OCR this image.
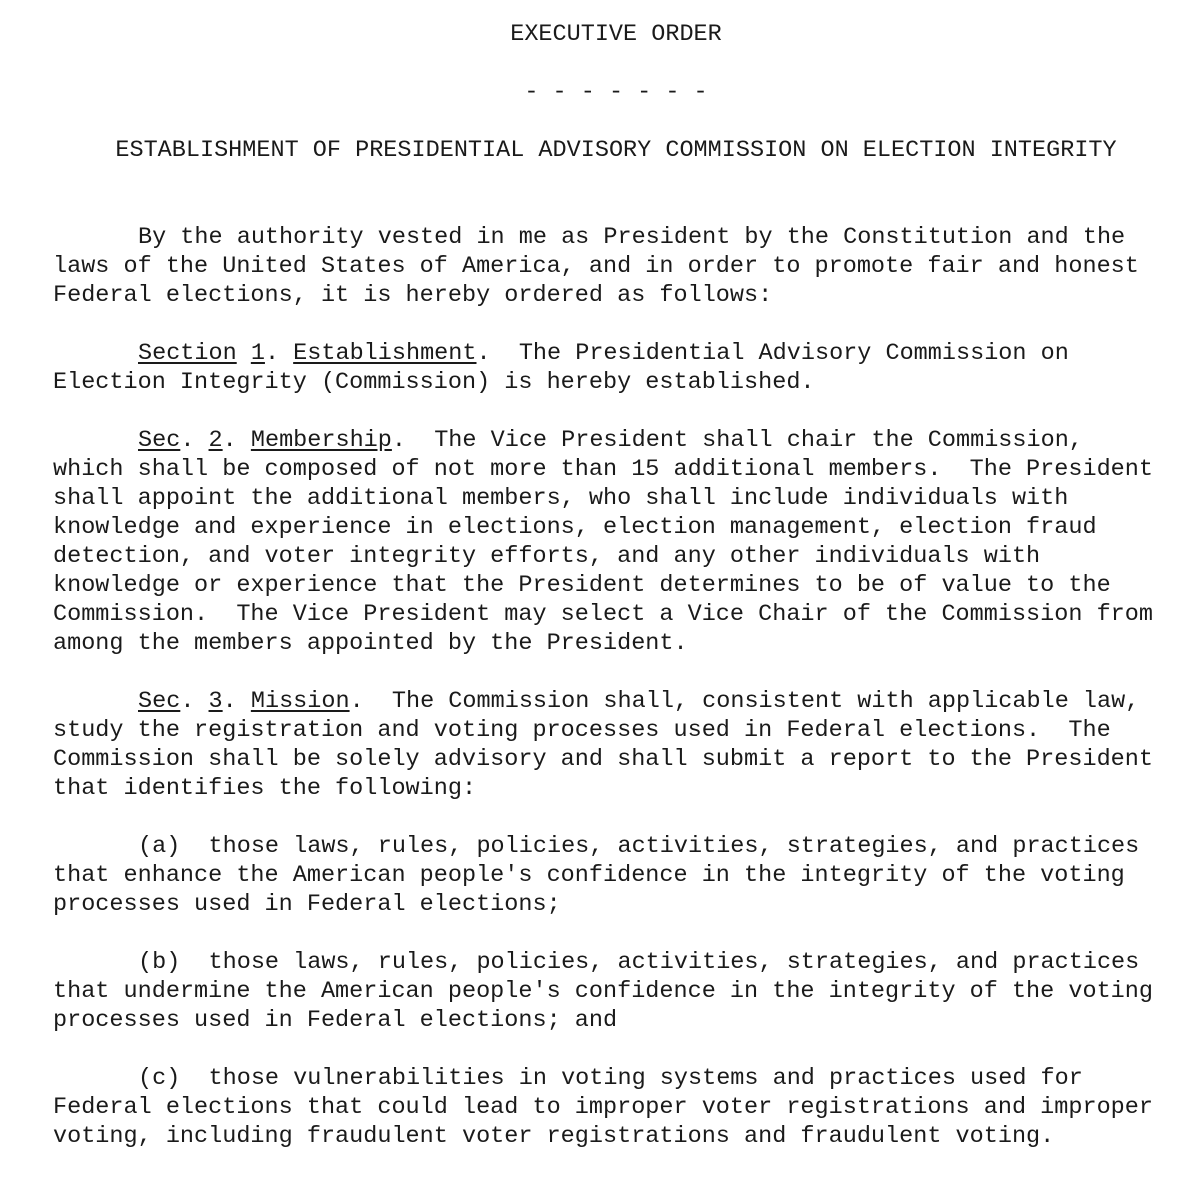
EXECUTIVE ORDER
- - - - - - -
ESTABLISHMENT OF PRESIDENTIAL ADVISORY COMMISSION ON ELECTION INTEGRITY
By the authority vested in me as President by the Constitution and the
laws of the United States of America, and in order to promote fair and honest
Federal elections, it is hereby ordered as follows:
Section 1. Establishment.  The Presidential Advisory Commission on
Election Integrity (Commission) is hereby established.
Sec. 2. Membership.  The Vice President shall chair the Commission,
which shall be composed of not more than 15 additional members.  The President
shall appoint the additional members, who shall include individuals with
knowledge and experience in elections, election management, election fraud
detection, and voter integrity efforts, and any other individuals with
knowledge or experience that the President determines to be of value to the
Commission.  The Vice President may select a Vice Chair of the Commission from
among the members appointed by the President.
Sec. 3. Mission.  The Commission shall, consistent with applicable law,
study the registration and voting processes used in Federal elections.  The
Commission shall be solely advisory and shall submit a report to the President
that identifies the following:
(a)  those laws, rules, policies, activities, strategies, and practices
that enhance the American people's confidence in the integrity of the voting
processes used in Federal elections;
(b)  those laws, rules, policies, activities, strategies, and practices
that undermine the American people's confidence in the integrity of the voting
processes used in Federal elections; and
(c)  those vulnerabilities in voting systems and practices used for
Federal elections that could lead to improper voter registrations and improper
voting, including fraudulent voter registrations and fraudulent voting.
